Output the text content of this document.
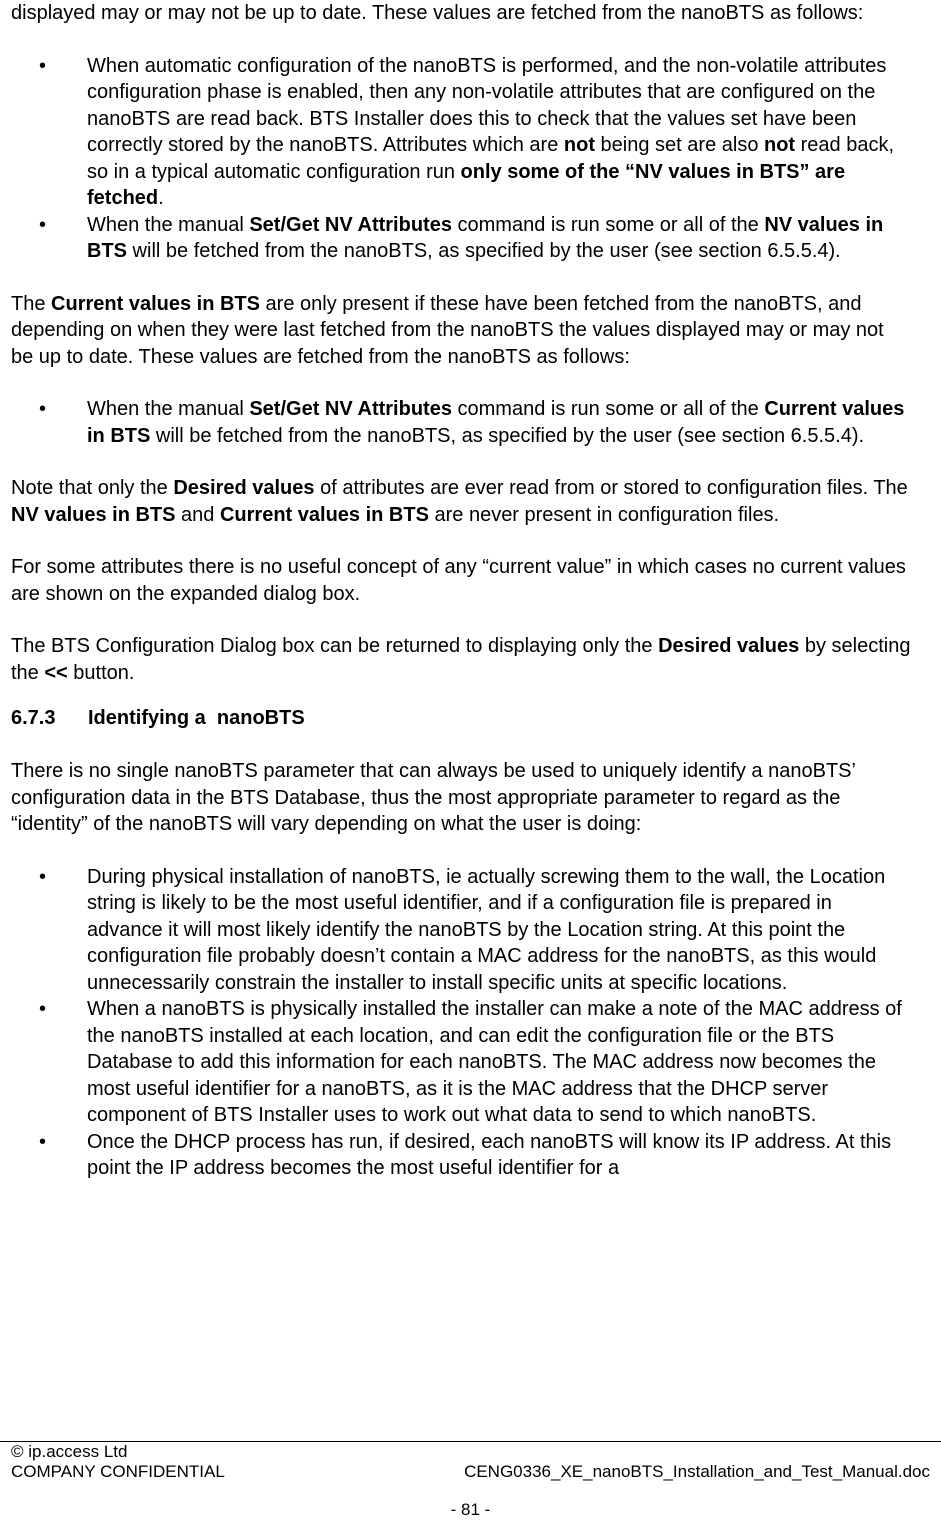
displayed may or may not be up to date. These values are fetched from the nanoBTS as follows:

• When automatic configuration of the nanoBTS is performed, and the non-volatile attributes configuration phase is enabled, then any non-volatile attributes that are configured on the nanoBTS are read back. BTS Installer does this to check that the values set have been correctly stored by the nanoBTS. Attributes which are not being set are also not read back, so in a typical automatic configuration run only some of the “NV values in BTS” are fetched.
• When the manual Set/Get NV Attributes command is run some or all of the NV values in BTS will be fetched from the nanoBTS, as specified by the user (see section 6.5.5.4).

The Current values in BTS are only present if these have been fetched from the nanoBTS, and depending on when they were last fetched from the nanoBTS the values displayed may or may not be up to date. These values are fetched from the nanoBTS as follows:

• When the manual Set/Get NV Attributes command is run some or all of the Current values in BTS will be fetched from the nanoBTS, as specified by the user (see section 6.5.5.4).

Note that only the Desired values of attributes are ever read from or stored to configuration files. The NV values in BTS and Current values in BTS are never present in configuration files.

For some attributes there is no useful concept of any “current value” in which cases no current values are shown on the expanded dialog box.

The BTS Configuration Dialog box can be returned to displaying only the Desired values by selecting the << button.

6.7.3 Identifying a  nanoBTS

There is no single nanoBTS parameter that can always be used to uniquely identify a nanoBTS’ configuration data in the BTS Database, thus the most appropriate parameter to regard as the “identity” of the nanoBTS will vary depending on what the user is doing:

• During physical installation of nanoBTS, ie actually screwing them to the wall, the Location string is likely to be the most useful identifier, and if a configuration file is prepared in advance it will most likely identify the nanoBTS by the Location string. At this point the configuration file probably doesn’t contain a MAC address for the nanoBTS, as this would unnecessarily constrain the installer to install specific units at specific locations.
• When a nanoBTS is physically installed the installer can make a note of the MAC address of the nanoBTS installed at each location, and can edit the configuration file or the BTS Database to add this information for each nanoBTS. The MAC address now becomes the most useful identifier for a nanoBTS, as it is the MAC address that the DHCP server component of BTS Installer uses to work out what data to send to which nanoBTS.
• Once the DHCP process has run, if desired, each nanoBTS will know its IP address. At this point the IP address becomes the most useful identifier for a
© ip.access Ltd
COMPANY CONFIDENTIAL	CENG0336_XE_nanoBTS_Installation_and_Test_Manual.doc
- 81 -
